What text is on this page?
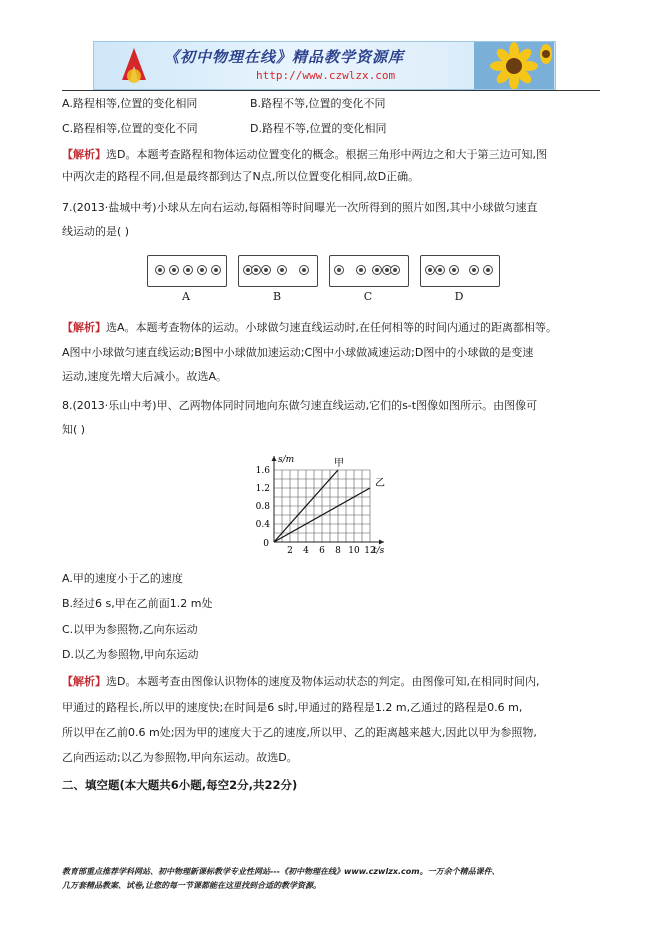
《初中物理在线》精品教学资源库
http://www.czwlzx.com
A.路程相等,位置的变化相同	B.路程不等,位置的变化不同
C.路程相等,位置的变化不同	D.路程不等,位置的变化相同
【解析】选D。本题考查路程和物体运动位置变化的概念。根据三角形中两边之和大于第三边可知,图
中两次走的路程不同,但是最终都到达了N点,所以位置变化相同,故D正确。
7.(2013·盐城中考)小球从左向右运动,每隔相等时间曝光一次所得到的照片如图,其中小球做匀速直
线运动的是( )
A	B	C	D
【解析】选A。本题考查物体的运动。小球做匀速直线运动时,在任何相等的时间内通过的距离都相等。
A图中小球做匀速直线运动;B图中小球做加速运动;C图中小球做减速运动;D图中的小球做的是变速
运动,速度先增大后减小。故选A。
8.(2013·乐山中考)甲、乙两物体同时同地向东做匀速直线运动,它们的s-t图像如图所示。由图像可
知( )
2 4 6 8 10 12
0.4
0.8
1.2
1.6
0
t/s
s/m	甲
乙
A.甲的速度小于乙的速度
B.经过6 s,甲在乙前面1.2 m处
C.以甲为参照物,乙向东运动
D.以乙为参照物,甲向东运动
【解析】选D。本题考查由图像认识物体的速度及物体运动状态的判定。由图像可知,在相同时间内,
甲通过的路程长,所以甲的速度快;在时间是6 s时,甲通过的路程是1.2 m,乙通过的路程是0.6 m,
所以甲在乙前0.6 m处;因为甲的速度大于乙的速度,所以甲、乙的距离越来越大,因此以甲为参照物,
乙向西运动;以乙为参照物,甲向东运动。故选D。
二、填空题(本大题共6小题,每空2分,共22分)
教育部重点推荐学科网站、初中物理新课标教学专业性网站---《初中物理在线》www.czwlzx.com。一万余个精品课件、
几万套精品教案、试卷,让您的每一节课都能在这里找到合适的教学资源。
